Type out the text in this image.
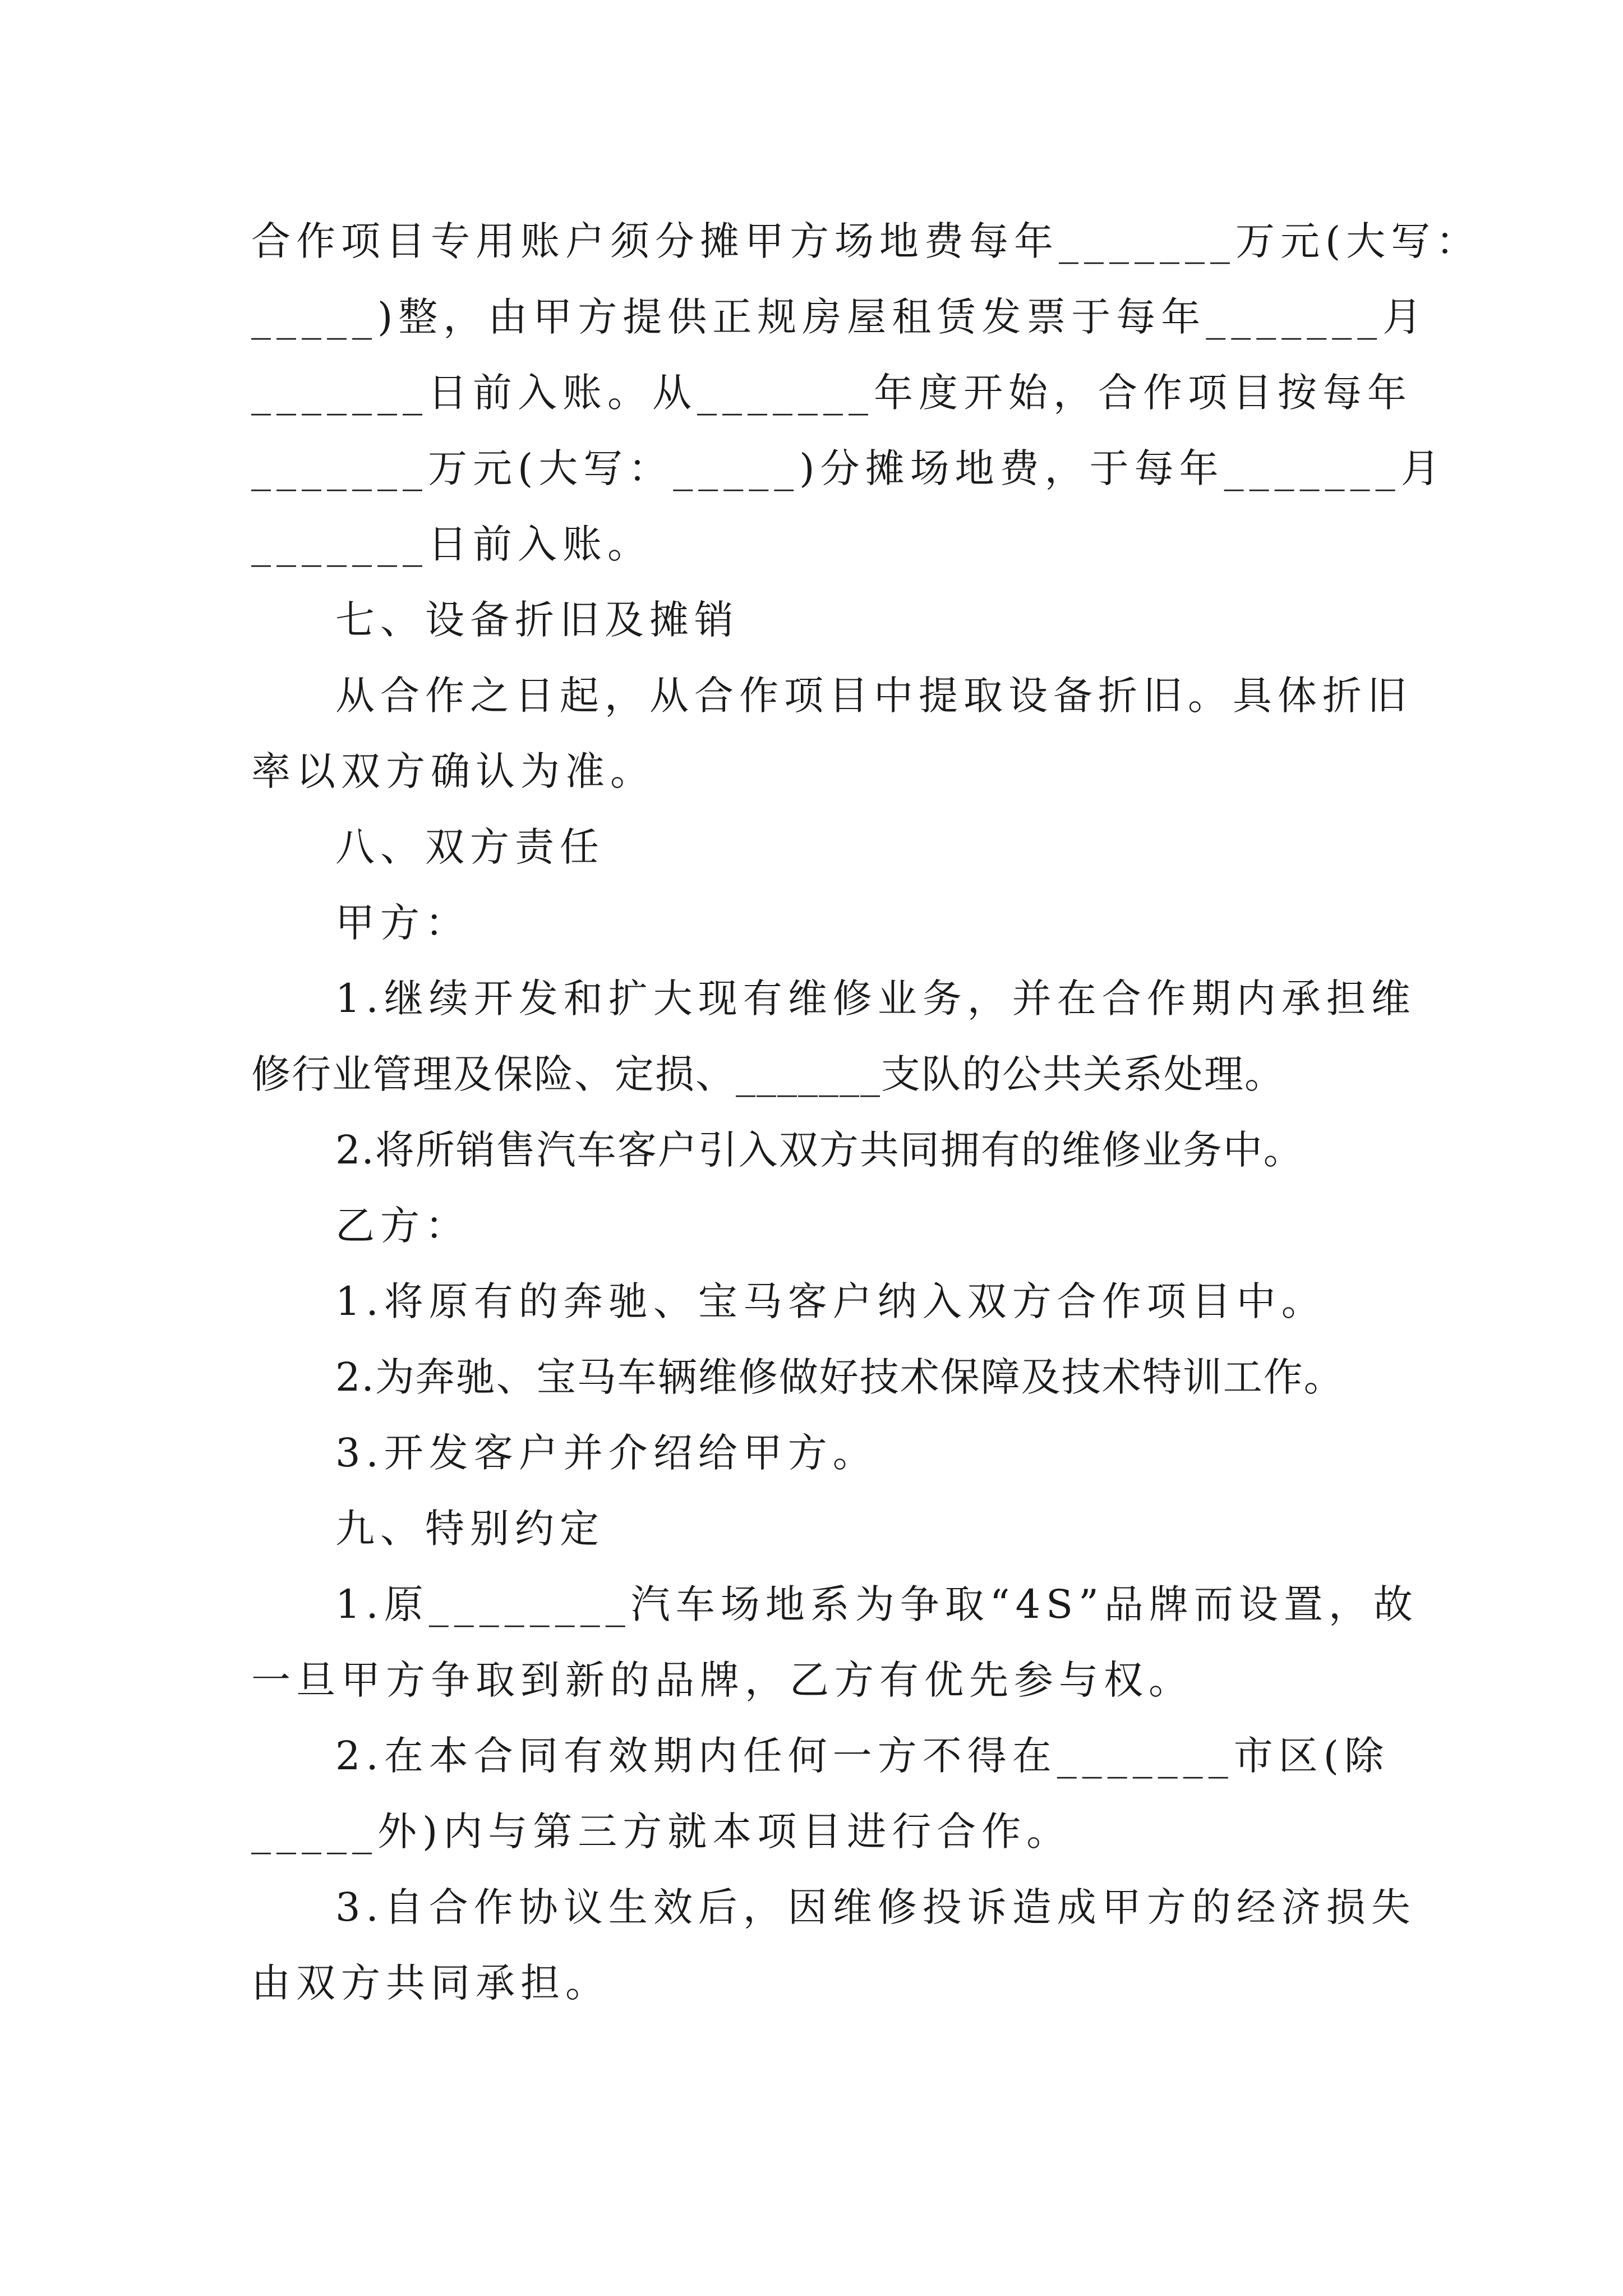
合作项目专用账户须分摊甲方场地费每年_______万元(大写：

_____)整，由甲方提供正规房屋租赁发票于每年_______月

_______日前入账。从_______年度开始，合作项目按每年

_______万元(大写：_____)分摊场地费，于每年_______月

_______日前入账。

七、设备折旧及摊销

从合作之日起，从合作项目中提取设备折旧。具体折旧

率以双方确认为准。

八、双方责任

甲方：

1.继续开发和扩大现有维修业务，并在合作期内承担维

修行业管理及保险、定损、_______支队的公共关系处理。

2.将所销售汽车客户引入双方共同拥有的维修业务中。

乙方：

1.将原有的奔驰、宝马客户纳入双方合作项目中。

2.为奔驰、宝马车辆维修做好技术保障及技术特训工作。

3.开发客户并介绍给甲方。

九、特别约定

1.原________汽车场地系为争取“4S”品牌而设置，故

一旦甲方争取到新的品牌，乙方有优先参与权。

2.在本合同有效期内任何一方不得在_______市区(除

_____外)内与第三方就本项目进行合作。

3.自合作协议生效后，因维修投诉造成甲方的经济损失

由双方共同承担。
